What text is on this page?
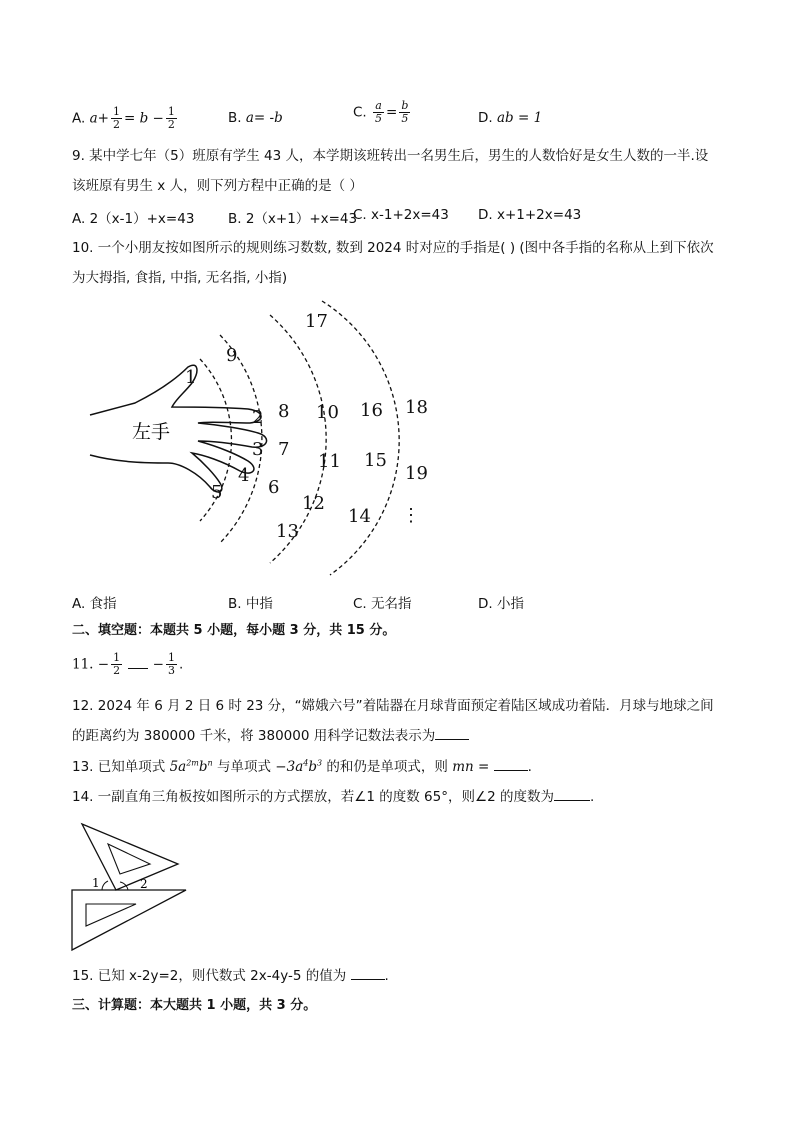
A. $a+ \frac{1}{2} = b - \frac{1}{2}$	B. a= -b	C. $\frac{a}{5} = \frac{b}{5}$	D. ab = 1
9. 某中学七年（5）班原有学生 43 人，本学期该班转出一名男生后，男生的人数恰好是女生人数的一半.设
该班原有男生 x 人，则下列方程中正确的是（ ）
A. 2（x-1）+x=43 B. 2（x+1）+x=43
C. x-1+2x=43 D. x+1+2x=43
10. 一个小朋友按如图所示的规则练习数数, 数到 2024 时对应的手指是( ) (图中各手指的名称从上到下依次
为大拇指, 食指, 中指, 无名指, 小指)
左手
1
2
3
4
5	6
7
8
9
10
11
12
13
14
15
16
17
18
19
⋮
A. 食指	B. 中指	C. 无名指	D. 小指
二、填空题：本题共 5 小题，每小题 3 分，共 15 分。
11. − $\frac{1}{2} - \frac{1}{3}$ .
12. 2024 年 6 月 2 日 6 时 23 分，“嫦娥六号”着陆器在月球背面预定着陆区域成功着陆．月球与地球之间
的距离约为 380000 千米，将 380000 用科学记数法表示为
13. 已知单项式 $5a^{2m}b^n$ 与单项式 $-3a^4b^3$ 的和仍是单项式，则 mn =	.
14. 一副直角三角板按如图所示的方式摆放，若∠1 的度数 65°，则∠2 的度数为	.
1	2
15. 已知 x-2y=2，则代数式 2x-4y-5 的值为	.
三、计算题：本大题共 1 小题，共 3 分。
